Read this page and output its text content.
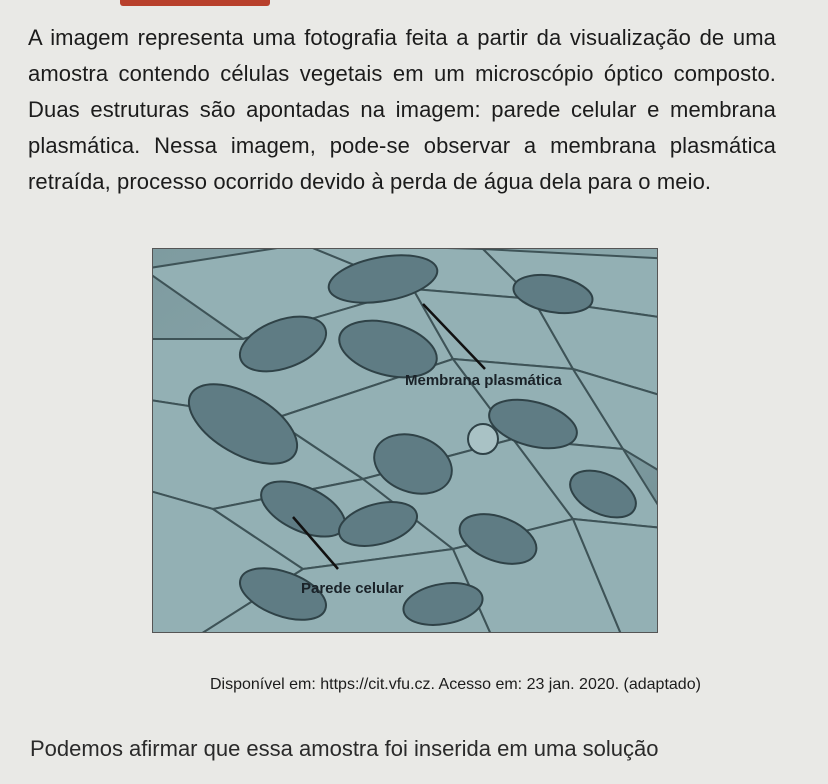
A imagem representa uma fotografia feita a partir da visualização de uma amostra contendo células vegetais em um microscópio óptico composto. Duas estruturas são apontadas na imagem: parede celular e membrana plasmática. Nessa imagem, pode-se observar a membrana plasmática retraída, processo ocorrido devido à perda de água dela para o meio.
Membrana plasmática
Parede celular
Disponível em: https://cit.vfu.cz. Acesso em: 23 jan. 2020. (adaptado)
Podemos afirmar que essa amostra foi inserida em uma solução
